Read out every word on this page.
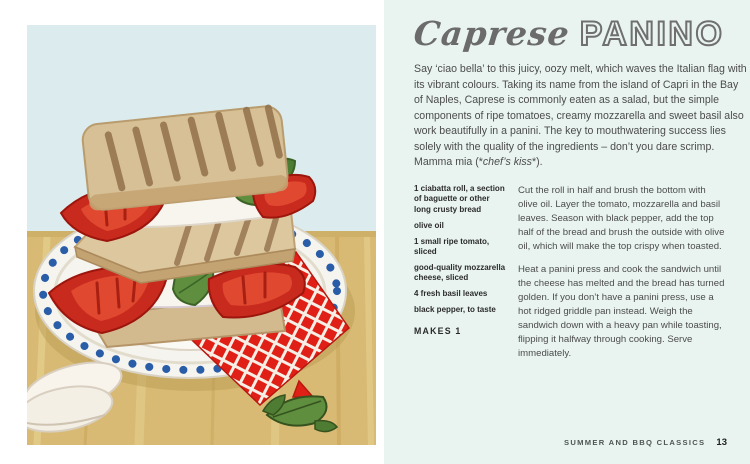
Caprese PANINO

Say ‘ciao bella’ to this juicy, oozy melt, which waves the Italian flag with its vibrant colours. Taking its name from the island of Capri in the Bay of Naples, Caprese is commonly eaten as a salad, but the simple components of ripe tomatoes, creamy mozzarella and sweet basil also work beautifully in a panini. The key to mouthwatering success lies solely with the quality of the ingredients – don’t you dare scrimp. Mamma mia (*chef’s kiss*).

1 ciabatta roll, a section of baguette or other long crusty bread
olive oil
1 small ripe tomato, sliced
good-quality mozzarella cheese, sliced
4 fresh basil leaves
black pepper, to taste
MAKES 1

Cut the roll in half and brush the bottom with olive oil. Layer the tomato, mozzarella and basil leaves. Season with black pepper, add the top half of the bread and brush the outside with olive oil, which will make the top crispy when toasted.

Heat a panini press and cook the sandwich until the cheese has melted and the bread has turned golden. If you don’t have a panini press, use a hot ridged griddle pan instead. Weigh the sandwich down with a heavy pan while toasting, flipping it halfway through cooking. Serve immediately.

SUMMER AND BBQ CLASSICS 13
